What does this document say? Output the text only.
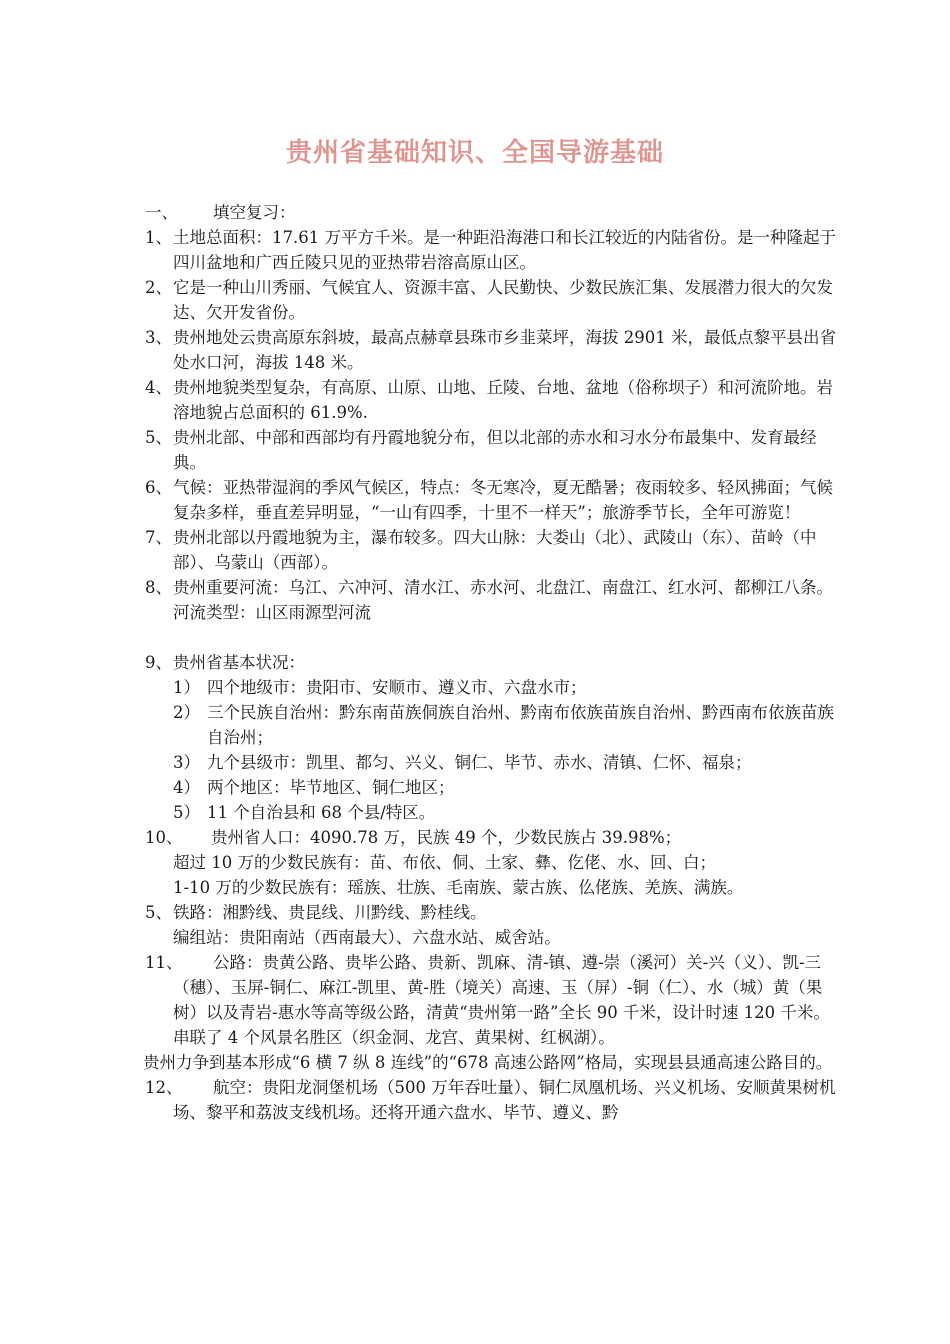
贵州省基础知识、全国导游基础
一、	填空复习：
1、 土地总面积：17.61 万平方千米。是一种距沿海港口和长江较近的内陆省份。是一种隆起于四川盆地和广西丘陵只见的亚热带岩溶高原山区。
2、 它是一种山川秀丽、气候宜人、资源丰富、人民勤快、少数民族汇集、发展潜力很大的欠发达、欠开发省份。
3、 贵州地处云贵高原东斜坡，最高点赫章县珠市乡韭菜坪，海拔 2901 米，最低点黎平县出省处水口河，海拔 148 米。
4、 贵州地貌类型复杂，有高原、山原、山地、丘陵、台地、盆地（俗称坝子）和河流阶地。岩溶地貌占总面积的 61.9%.
5、 贵州北部、中部和西部均有丹霞地貌分布，但以北部的赤水和习水分布最集中、发育最经典。
6、 气候：亚热带湿润的季风气候区，特点：冬无寒冷，夏无酷暑；夜雨较多、轻风拂面；气候复杂多样，垂直差异明显，“一山有四季，十里不一样天”；旅游季节长，全年可游览！
7、 贵州北部以丹霞地貌为主，瀑布较多。四大山脉：大娄山（北）、武陵山（东）、苗岭（中部）、乌蒙山（西部）。
8、 贵州重要河流：乌江、六冲河、清水江、赤水河、北盘江、南盘江、红水河、都柳江八条。河流类型：山区雨源型河流
9、 贵州省基本状况：
1） 四个地级市：贵阳市、安顺市、遵义市、六盘水市；
2） 三个民族自治州：黔东南苗族侗族自治州、黔南布依族苗族自治州、黔西南布依族苗族自治州；
3） 九个县级市：凯里、都匀、兴义、铜仁、毕节、赤水、清镇、仁怀、福泉；
4） 两个地区：毕节地区、铜仁地区；
5） 11 个自治县和 68 个县/特区。
10、	贵州省人口：4090.78 万，民族 49 个，少数民族占 39.98%；
超过 10 万的少数民族有：苗、布依、侗、土家、彝、仡佬、水、回、白；
1-10 万的少数民族有：瑶族、壮族、毛南族、蒙古族、仫佬族、羌族、满族。
5、 铁路：湘黔线、贵昆线、川黔线、黔桂线。
编组站：贵阳南站（西南最大）、六盘水站、威舍站。
11、	公路：贵黄公路、贵毕公路、贵新、凯麻、清-镇、遵-崇（溪河）关-兴（义）、凯-三（穗）、玉屏-铜仁、麻江-凯里、黄-胜（境关）高速、玉（屏）-铜（仁）、水（城）黄（果树）以及青岩-惠水等高等级公路，清黄“贵州第一路”全长 90 千米，设计时速 120 千米。串联了 4 个风景名胜区（织金洞、龙宫、黄果树、红枫湖）。
贵州力争到基本形成“6 横 7 纵 8 连线”的“678 高速公路网”格局，实现县县通高速公路目的。
12、	航空：贵阳龙洞堡机场（500 万年吞吐量）、铜仁凤凰机场、兴义机场、安顺黄果树机场、黎平和荔波支线机场。还将开通六盘水、毕节、遵义、黔
